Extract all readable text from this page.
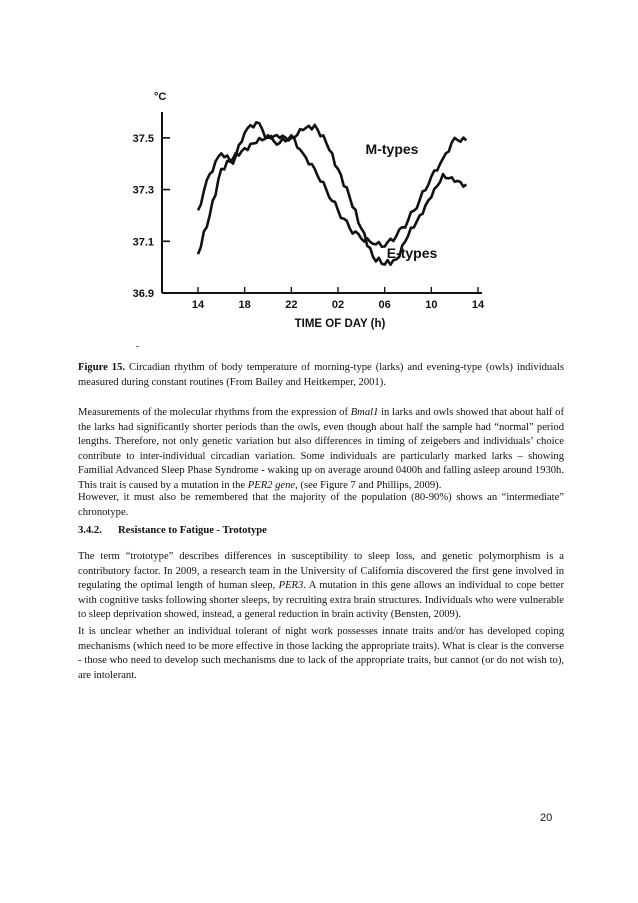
°C
37.5
37.3
37.1
36.9
14	18	22	02	06	10	14
M-types
E-types
TIME OF DAY (h)

Figure 15. Circadian rhythm of body temperature of morning-type (larks) and evening-type (owls) individuals measured during constant routines (From Bailey and Heitkemper, 2001).

Measurements of the molecular rhythms from the expression of Bmal1 in larks and owls showed that about half of the larks had significantly shorter periods than the owls, even though about half the sample had “normal” period lengths. Therefore, not only genetic variation but also differences in timing of zeigebers and individuals’ choice contribute to inter-individual circadian variation. Some individuals are particularly marked larks – showing Familial Advanced Sleep Phase Syndrome - waking up on average around 0400h and falling asleep around 1930h. This trait is caused by a mutation in the PER2 gene, (see Figure 7 and Phillips, 2009).

However, it must also be remembered that the majority of the population (80-90%) shows an “intermediate” chronotype.

3.4.2. Resistance to Fatigue - Trototype

The term “trototype” describes differences in susceptibility to sleep loss, and genetic polymorphism is a contributory factor. In 2009, a research team in the University of California discovered the first gene involved in regulating the optimal length of human sleep, PER3. A mutation in this gene allows an individual to cope better with cognitive tasks following shorter sleeps, by recruiting extra brain structures. Individuals who were vulnerable to sleep deprivation showed, instead, a general reduction in brain activity (Bensten, 2009).

It is unclear whether an individual tolerant of night work possesses innate traits and/or has developed coping mechanisms (which need to be more effective in those lacking the appropriate traits). What is clear is the converse - those who need to develop such mechanisms due to lack of the appropriate traits, but cannot (or do not wish to), are intolerant.

20
